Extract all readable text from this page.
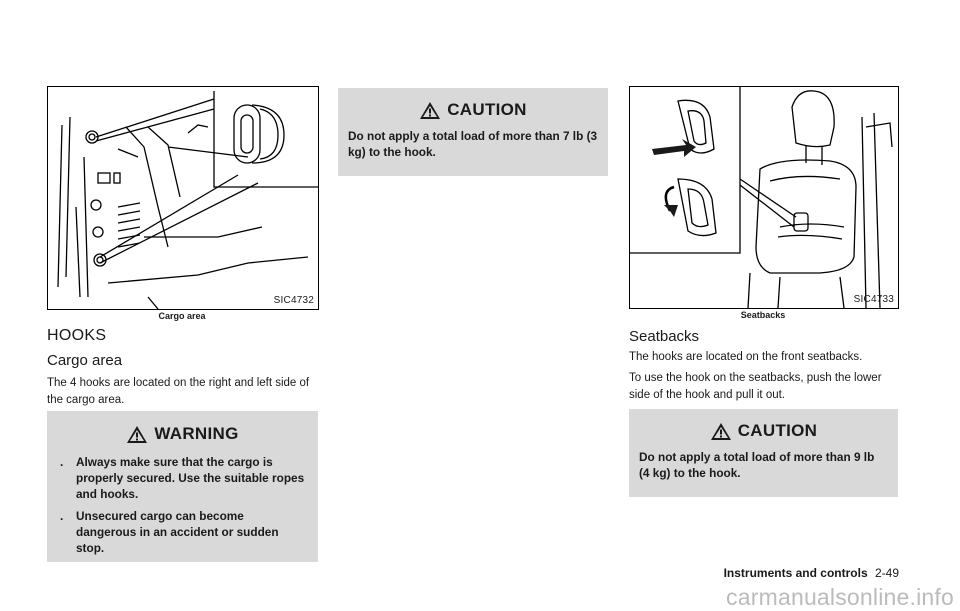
SIC4732
Cargo area
HOOKS
Cargo area
The 4 hooks are located on the right and left side of the cargo area.
WARNING
.	Always make sure that the cargo is properly secured. Use the suitable ropes and hooks.
.	Unsecured cargo can become dangerous in an accident or sudden stop.
CAUTION
Do not apply a total load of more than 7 lb (3 kg) to the hook.
SIC4733
Seatbacks
Seatbacks
The hooks are located on the front seatbacks.
To use the hook on the seatbacks, push the lower side of the hook and pull it out.
CAUTION
Do not apply a total load of more than 9 lb (4 kg) to the hook.
Instruments and controls 2-49
carmanualsonline.info
